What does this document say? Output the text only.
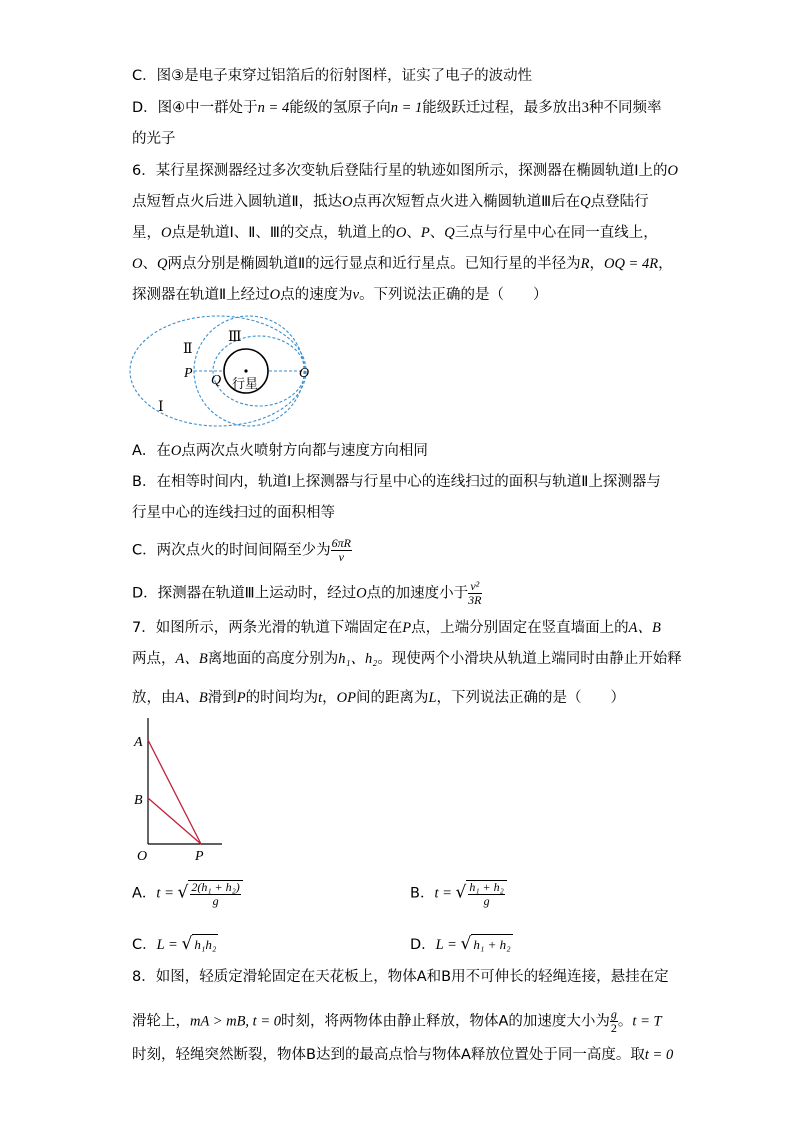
C．图③是电子束穿过铝箔后的衍射图样，证实了电子的波动性
D．图④中一群处于n = 4能级的氢原子向n = 1能级跃迁过程，最多放出3种不同频率
的光子
6．某行星探测器经过多次变轨后登陆行星的轨迹如图所示，探测器在椭圆轨道Ⅰ上的O
点短暂点火后进入圆轨道Ⅱ，抵达O点再次短暂点火进入椭圆轨道Ⅲ后在Q点登陆行
星，O点是轨道Ⅰ、Ⅱ、Ⅲ的交点，轨道上的O、P、Q三点与行星中心在同一直线上，
O、Q两点分别是椭圆轨道Ⅱ的远行显点和近行星点。已知行星的半径为R，OQ = 4R，
探测器在轨道Ⅱ上经过O点的速度为v。下列说法正确的是（　　）
Ⅱ
Ⅲ
Ⅰ
P Q	O
行星
A．在O点两次点火喷射方向都与速度方向相同
B．在相等时间内，轨道Ⅰ上探测器与行星中心的连线扫过的面积与轨道Ⅱ上探测器与
行星中心的连线扫过的面积相等
C．两次点火的时间间隔至少为 $\frac{6\pi R}{v}$
D．探测器在轨道Ⅲ上运动时，经过O点的加速度小于 $\frac{\text{v²}}{3R}$
7．如图所示，两条光滑的轨道下端固定在P点，上端分别固定在竖直墙面上的A、B
两点，A、B离地面的高度分别为h₁、h₂。现使两个小滑块从轨道上端同时由静止开始释
放，由A、B滑到P的时间均为t，OP间的距离为L，下列说法正确的是（　　）
A
B
O	P
A．t = √ $\frac{\text{2(h₁ + h₂)}}{g}$	B．t = √ $\frac{\text{h₁ + h₂}}{g}$
C．L = √ h₁h₂	D．L = √ h₁ + h₂
8．如图，轻质定滑轮固定在天花板上，物体A和B用不可伸长的轻绳连接，悬挂在定
滑轮上，mA > mB, t = 0时刻，将两物体由静止释放，物体A的加速度大小为 $\frac{g}{2}$ 。t = T
时刻，轻绳突然断裂，物体B达到的最高点恰与物体A释放位置处于同一高度。取t = 0
